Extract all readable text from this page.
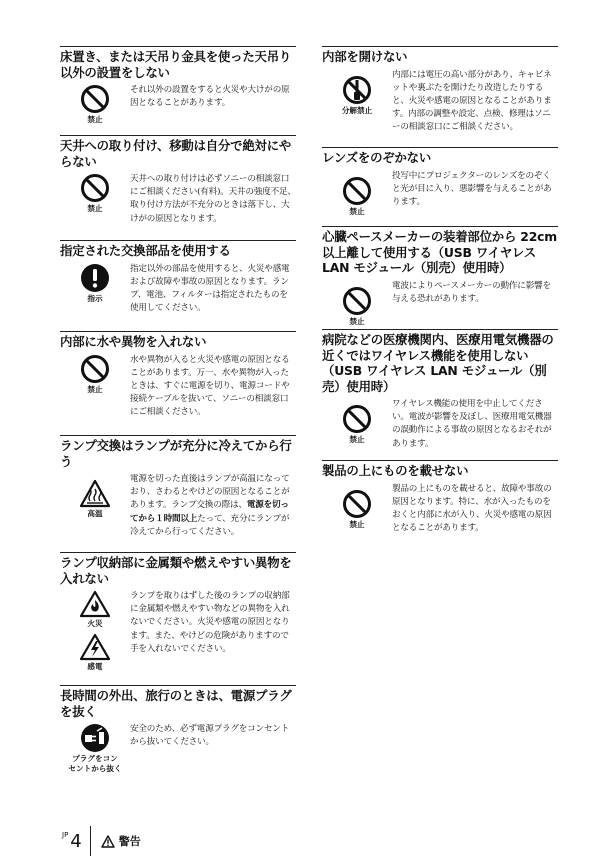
床置き、または天吊り金具を使った天吊り以外の設置をしない

禁止

それ以外の設置をすると火災や大けがの原因となることがあります。

天井への取り付け、移動は自分で絶対にやらない

禁止

天井への取り付けは必ずソニーの相談窓口にご相談ください(有料)。天井の強度不足、取り付け方法が不充分のときは落下し、大けがの原因となります。

指定された交換部品を使用する

指示

指定以外の部品を使用すると、火災や感電および故障や事故の原因となります。ランプ、電池、フィルターは指定されたものを使用してください。

内部に水や異物を入れない

禁止

水や異物が入ると火災や感電の原因となることがあります。万一、水や異物が入ったときは、すぐに電源を切り、電源コードや接続ケーブルを抜いて、ソニーの相談窓口にご相談ください。

ランプ交換はランプが充分に冷えてから行う

高温

電源を切った直後はランプが高温になっており、さわるとやけどの原因となることがあります。ランプ交換の際は、電源を切ってから１時間以上たって、充分にランプが冷えてから行ってください。

ランプ収納部に金属類や燃えやすい異物を入れない

火災
感電

ランプを取りはずした後のランプの収納部に金属類や燃えやすい物などの異物を入れないでください。火災や感電の原因となります。また、やけどの危険がありますので手を入れないでください。

長時間の外出、旅行のときは、電源プラグを抜く

プラグをコン
セントから抜く

安全のため、必ず電源プラグをコンセントから抜いてください。

内部を開けない

分解禁止

内部には電圧の高い部分があり、キャビネットや裏ぶたを開けたり改造したりすると、火災や感電の原因となることがあります。内部の調整や設定、点検、修理はソニーの相談窓口にご相談ください。

レンズをのぞかない

禁止

投写中にプロジェクターのレンズをのぞくと光が目に入り、悪影響を与えることがあります。

心臓ペースメーカーの装着部位から 22cm 以上離して使用する（USB ワイヤレス LAN モジュール（別売）使用時）

禁止

電波によりペースメーカーの動作に影響を与える恐れがあります。

病院などの医療機関内、医療用電気機器の近くではワイヤレス機能を使用しない（USB ワイヤレス LAN モジュール（別売）使用時）

禁止

ワイヤレス機能の使用を中止してください。電波が影響を及ぼし、医療用電気機器の誤動作による事故の原因となるおそれがあります。

製品の上にものを載せない

禁止

製品の上にものを載せると、故障や事故の原因となります。特に、水が入ったものをおくと内部に水が入り、火災や感電の原因となることがあります。

JP 4	警告
